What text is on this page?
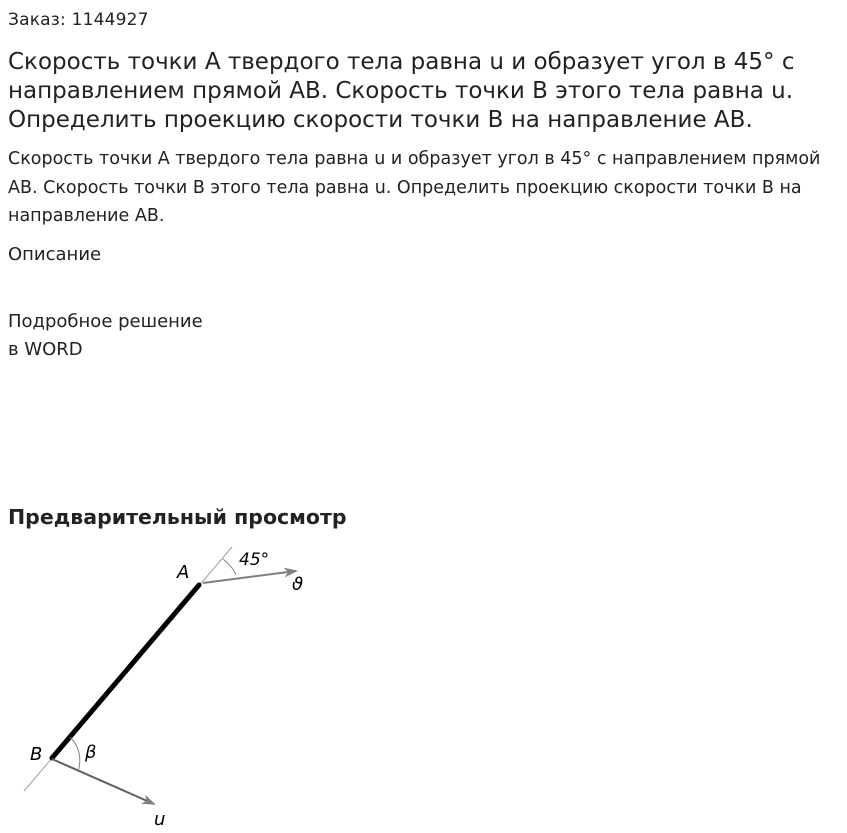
Заказ: 1144927
Скорость точки А твердого тела равна u и образует угол в 45° с направлением прямой АВ. Скорость точки В этого тела равна u. Определить проекцию скорости точки В на направление АВ.

Скорость точки А твердого тела равна u и образует угол в 45° с направлением прямой АВ. Скорость точки В этого тела равна u. Определить проекцию скорости точки В на направление АВ.

Описание
Подробное решение
в WORD
Предварительный просмотр
A
B
45°
β
ϑ
u
